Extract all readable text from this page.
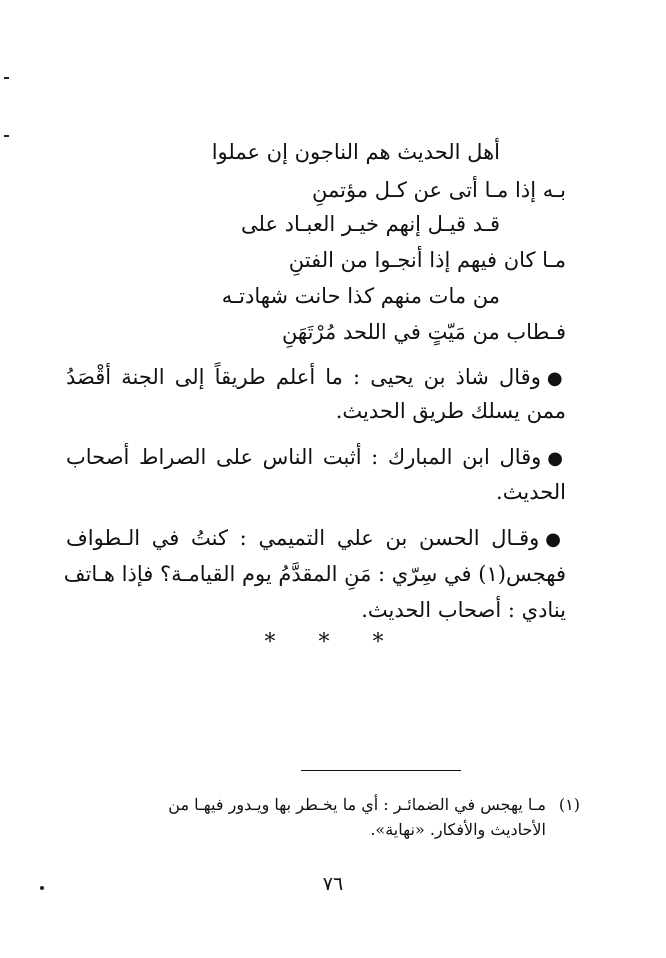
أهل الحديث هم الناجون إن عملوا
بـه إذا مـا أتى عن كـل مؤتمنِ
قـد قيـل إنهم خيـر العبـاد على
مـا كان فيهم إذا أنجـوا من الفتنِ
من مات منهم كذا حانت شهادتـه
فـطاب من مَيّتٍ في اللحد مُرْتَهَنِ
●وقال شاذ بن يحيى : ما أعلم طريقاً إلى الجنة أقْصَدُ
ممن يسلك طريق الحديث.
●وقال ابن المبارك : أثبت الناس على الصراط أصحاب
الحديث.
●وقـال الحسن بن علي التميمي : كنتُ في الـطواف
فهجس(١) في سِرّي : مَنِ المقدَّمُ يوم القيامـة؟ فإذا هـاتف
ينادي : أصحاب الحديث.
* * *
(١)
مـا يهجس في الضمائـر : أي ما يخـطر بها ويـدور فيهـا من
الأحاديث والأفكار. «نهاية».
٧٦
